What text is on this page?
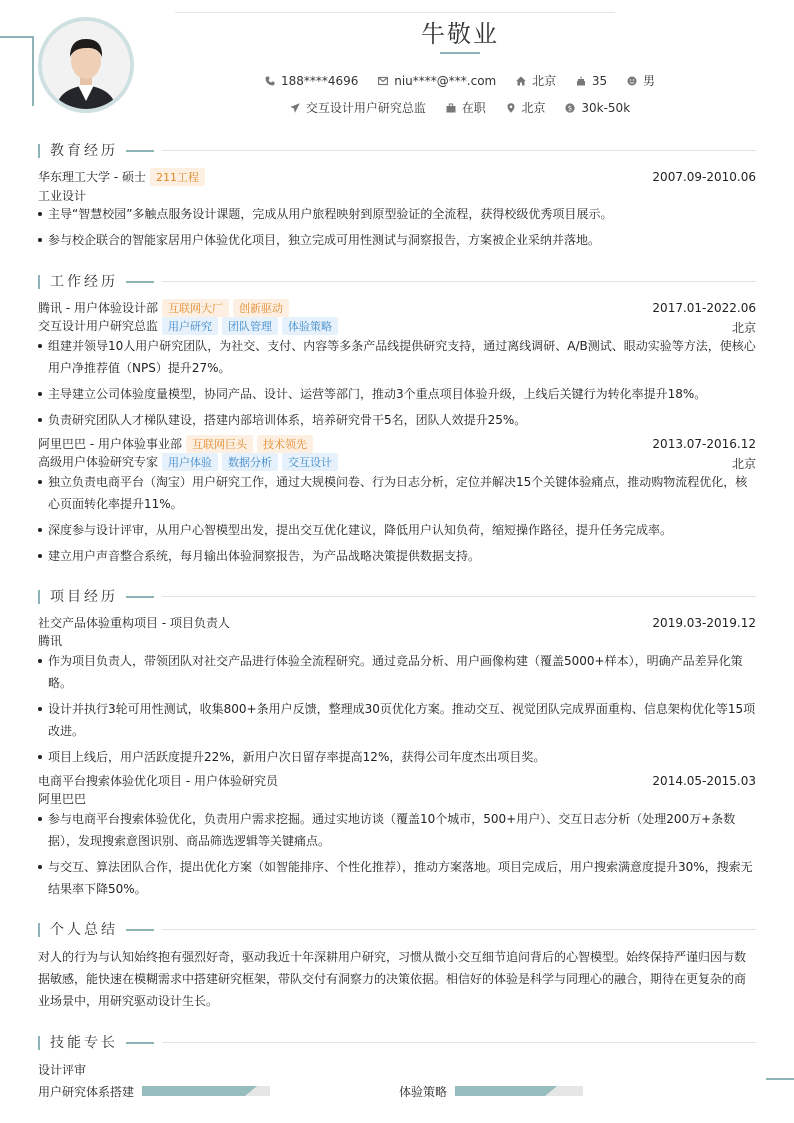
牛敬业
188****4696	niu****@***.com	北京	35	男
交互设计用户研究总监	在职	北京	$ 30k-50k
教育经历
华东理工大学 - 硕士 211工程	2007.09-2010.06
工业设计
主导“智慧校园”多触点服务设计课题，完成从用户旅程映射到原型验证的全流程，获得校级优秀项目展示。
参与校企联合的智能家居用户体验优化项目，独立完成可用性测试与洞察报告，方案被企业采纳并落地。
工作经历
腾讯 - 用户体验设计部 互联网大厂 创新驱动	2017.01-2022.06
交互设计用户研究总监 用户研究 团队管理 体验策略	北京
组建并领导10人用户研究团队，为社交、支付、内容等多条产品线提供研究支持，通过离线调研、A/B测试、眼动实验等方法，使核心
用户净推荐值（NPS）提升27%。
主导建立公司体验度量模型，协同产品、设计、运营等部门，推动3个重点项目体验升级，上线后关键行为转化率提升18%。
负责研究团队人才梯队建设，搭建内部培训体系，培养研究骨干5名，团队人效提升25%。
阿里巴巴 - 用户体验事业部 互联网巨头 技术领先	2013.07-2016.12
高级用户体验研究专家 用户体验 数据分析 交互设计	北京
独立负责电商平台（淘宝）用户研究工作，通过大规模问卷、行为日志分析，定位并解决15个关键体验痛点，推动购物流程优化，核
心页面转化率提升11%。
深度参与设计评审，从用户心智模型出发，提出交互优化建议，降低用户认知负荷，缩短操作路径，提升任务完成率。
建立用户声音整合系统，每月输出体验洞察报告，为产品战略决策提供数据支持。
项目经历
社交产品体验重构项目 - 项目负责人	2019.03-2019.12
腾讯
作为项目负责人，带领团队对社交产品进行体验全流程研究。通过竞品分析、用户画像构建（覆盖5000+样本），明确产品差异化策
略。
设计并执行3轮可用性测试，收集800+条用户反馈，整理成30页优化方案。推动交互、视觉团队完成界面重构、信息架构优化等15项
改进。
项目上线后，用户活跃度提升22%，新用户次日留存率提高12%，获得公司年度杰出项目奖。
电商平台搜索体验优化项目 - 用户体验研究员	2014.05-2015.03
阿里巴巴
参与电商平台搜索体验优化，负责用户需求挖掘。通过实地访谈（覆盖10个城市，500+用户）、交互日志分析（处理200万+条数
据），发现搜索意图识别、商品筛选逻辑等关键痛点。
与交互、算法团队合作，提出优化方案（如智能排序、个性化推荐），推动方案落地。项目完成后，用户搜索满意度提升30%，搜索无
结果率下降50%。
个人总结
对人的行为与认知始终抱有强烈好奇，驱动我近十年深耕用户研究，习惯从微小交互细节追问背后的心智模型。始终保持严谨归因与数
据敏感，能快速在模糊需求中搭建研究框架，带队交付有洞察力的决策依据。相信好的体验是科学与同理心的融合，期待在更复杂的商
业场景中，用研究驱动设计生长。
技能专长
设计评审
用户研究体系搭建	体验策略
